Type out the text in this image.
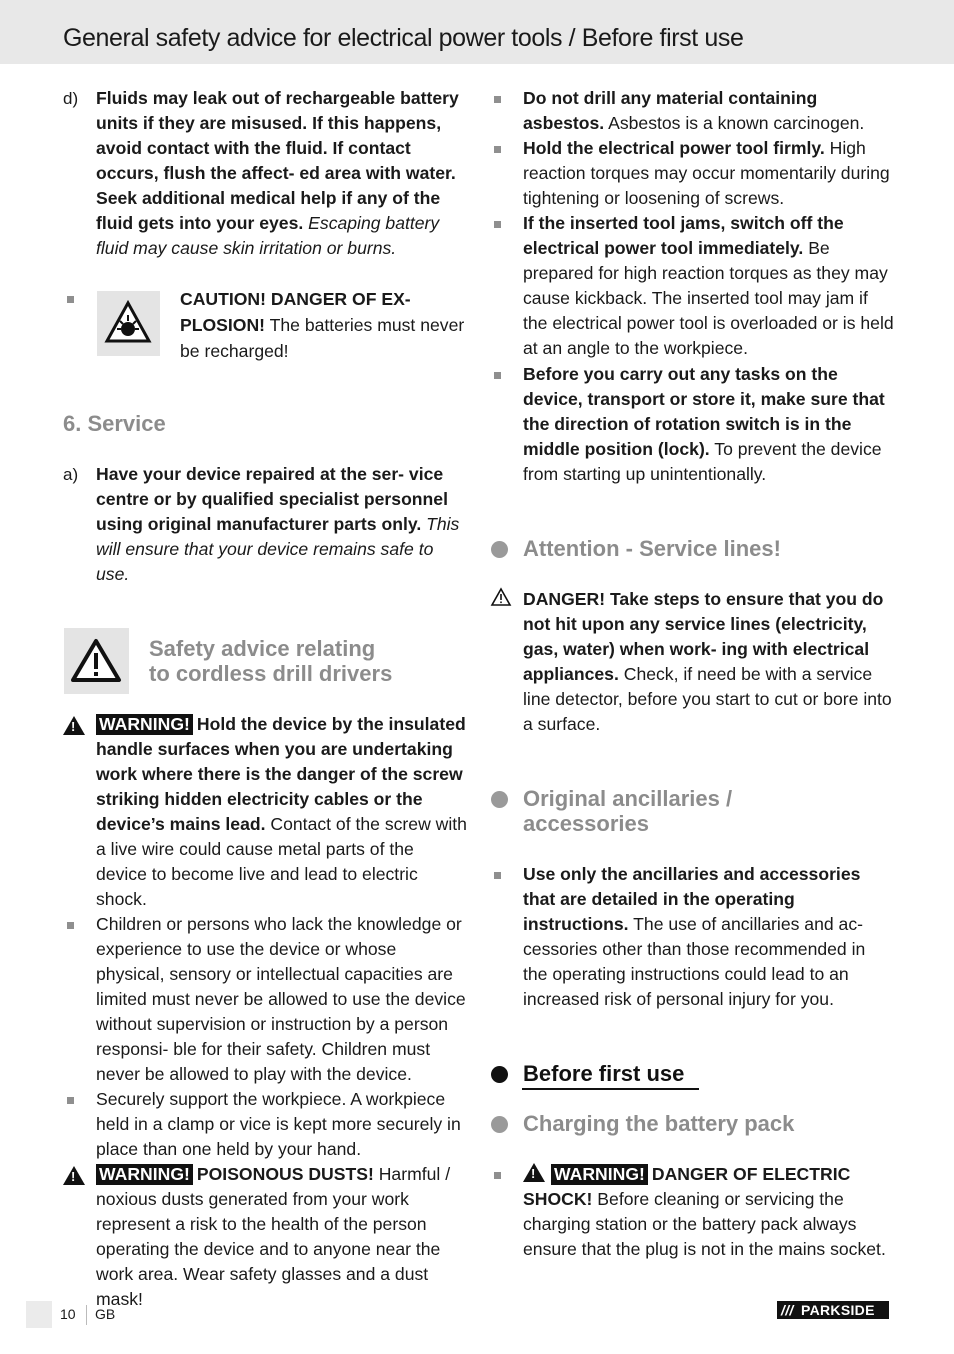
General safety advice for electrical power tools / Before first use
d) Fluids may leak out of rechargeable battery units if they are misused. If this happens, avoid contact with the fluid. If contact occurs, flush the affect- ed area with water. Seek additional medical help if any of the fluid gets into your eyes. Escaping battery fluid may cause skin irritation or burns.
CAUTION! DANGER OF EX- PLOSION! The batteries must never be recharged!
6. Service
a) Have your device repaired at the ser- vice centre or by qualified specialist personnel using original manufacturer parts only. This will ensure that your device remains safe to use.
Safety advice relating
to cordless drill drivers
!
WARNING! Hold the device by the insulated handle surfaces when you are undertaking work where there is the danger of the screw striking hidden electricity cables or the device’s mains lead. Contact of the screw with a live wire could cause metal parts of the device to become live and lead to electric shock.
Children or persons who lack the knowledge or experience to use the device or whose physical, sensory or intellectual capacities are limited must never be allowed to use the device without supervision or instruction by a person responsi- ble for their safety. Children must never be allowed to play with the device.
Securely support the workpiece. A workpiece held in a clamp or vice is kept more securely in place than one held by your hand.
!
WARNING! POISONOUS DUSTS! Harmful / noxious dusts generated from your work represent a risk to the health of the person operating the device and to anyone near the work area. Wear safety glasses and a dust mask!
Do not drill any material containing asbestos. Asbestos is a known carcinogen.
Hold the electrical power tool firmly. High reaction torques may occur momentarily during tightening or loosening of screws.
If the inserted tool jams, switch off the electrical power tool immediately. Be prepared for high reaction torques as they may cause kickback. The inserted tool may jam if the electrical power tool is overloaded or is held at an angle to the workpiece.
Before you carry out any tasks on the device, transport or store it, make sure that the direction of rotation switch is in the middle position (lock). To prevent the device from starting up unintentionally.
Attention - Service lines!
DANGER! Take steps to ensure that you do not hit upon any service lines (electricity, gas, water) when work- ing with electrical appliances. Check, if need be with a service line detector, before you start to cut or bore into a surface.
Original ancillaries /
accessories
Use only the ancillaries and accessories that are detailed in the operating instructions. The use of ancillaries and ac- cessories other than those recommended in the operating instructions could lead to an increased risk of personal injury for you.
Before first use
Charging the battery pack
!WARNING! DANGER OF ELECTRIC SHOCK! Before cleaning or servicing the charging station or the battery pack always ensure that the plug is not in the mains socket.
10 GB	/// PARKSIDE
